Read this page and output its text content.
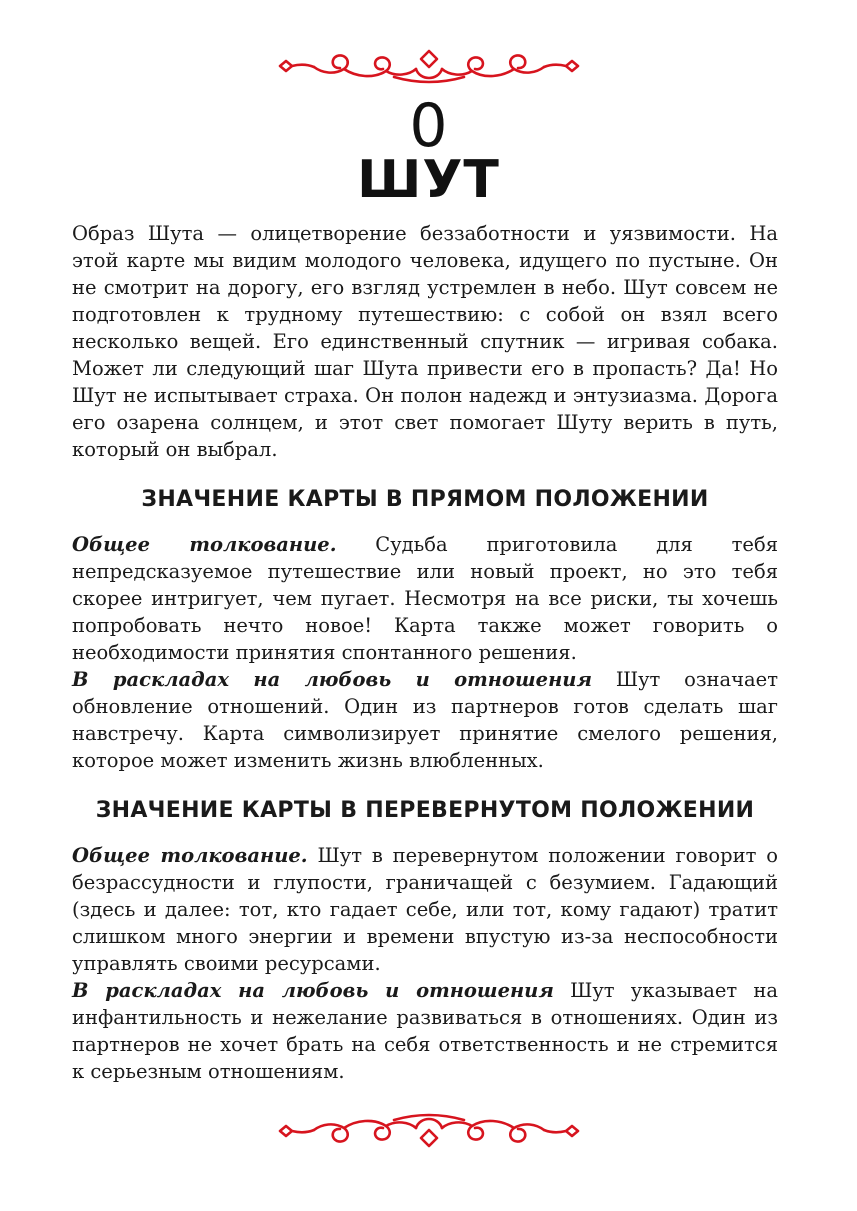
0
ШУТ

Образ Шута — олицетворение беззаботности и уязвимости. На этой карте мы видим молодого человека, идущего по пустыне. Он не смотрит на дорогу, его взгляд устремлен в небо. Шут совсем не подготовлен к трудному путешествию: с собой он взял всего несколько вещей. Его единственный спутник — игривая собака. Может ли следующий шаг Шута привести его в пропасть? Да! Но Шут не испытывает страха. Он полон надежд и энтузиазма. Дорога его озарена солнцем, и этот свет помогает Шуту верить в путь, который он выбрал.

ЗНАЧЕНИЕ КАРТЫ В ПРЯМОМ ПОЛОЖЕНИИ

Общее толкование. Судьба приготовила для тебя непредсказуемое путешествие или новый проект, но это тебя скорее интригует, чем пугает. Несмотря на все риски, ты хочешь попробовать нечто новое! Карта также может говорить о необходимости принятия спонтанного решения.

В раскладах на любовь и отношения Шут означает обновление отношений. Один из партнеров готов сделать шаг навстречу. Карта символизирует принятие смелого решения, которое может изменить жизнь влюбленных.

ЗНАЧЕНИЕ КАРТЫ В ПЕРЕВЕРНУТОМ ПОЛОЖЕНИИ

Общее толкование. Шут в перевернутом положении говорит о безрассудности и глупости, граничащей с безумием. Гадающий (здесь и далее: тот, кто гадает себе, или тот, кому гадают) тратит слишком много энергии и времени впустую из-за неспособности управлять своими ресурсами.

В раскладах на любовь и отношения Шут указывает на инфантильность и нежелание развиваться в отношениях. Один из партнеров не хочет брать на себя ответственность и не стремится к серьезным отношениям.
